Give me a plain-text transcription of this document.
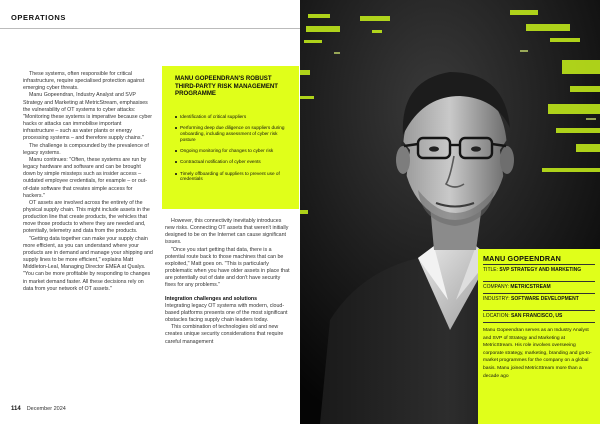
OPERATIONS

These systems, often responsible for critical infrastructure, require specialised protection against emerging cyber threats.

Manu Gopeendran, Industry Analyst and SVP Strategy and Marketing at MetricStream, emphasises the vulnerability of OT systems to cyber attacks: "Monitoring these systems is imperative because cyber hacks or attacks can immobilise important infrastructure – such as water plants or energy processing systems – and therefore supply chains."

The challenge is compounded by the prevalence of legacy systems.

Manu continues: "Often, these systems are run by legacy hardware and software and can be brought down by simple missteps such as insider access – outdated employee credentials, for example – or out-of-date software that creates simple access for hackers."

OT assets are involved across the entirety of the physical supply chain. This might include assets in the production line that create products, the vehicles that move those products to where they are needed and, potentially, telemetry and data from the products.

"Getting data together can make your supply chain more efficient, as you can understand where your products are in demand and manage your shipping and supply lines to be more efficient," explains Matt Middleton-Leal, Managing Director EMEA at Qualys. "You can be more profitable by responding to changes in market demand faster. All these decisions rely on data from your network of OT assets."

MANU GOPEENDRAN'S ROBUST THIRD-PARTY RISK MANAGEMENT PROGRAMME
Identification of critical suppliers
Performing deep due diligence on suppliers during onboarding, including assessment of cyber risk posture
Ongoing monitoring for changes to cyber risk
Contractual notification of cyber events
Timely offboarding of suppliers to prevent use of credentials

However, this connectivity inevitably introduces new risks. Connecting OT assets that weren't initially designed to be on the Internet can cause significant issues.

"Once you start getting that data, there is a potential route back to those machines that can be exploited," Matt goes on. "This is particularly problematic when you have older assets in place that are potentially out of date and don't have security fixes for any problems."

Integration challenges and solutions

Integrating legacy OT systems with modern, cloud-based platforms presents one of the most significant obstacles facing supply chain leaders today.

This combination of technologies old and new creates unique security considerations that require careful management

MANU GOPEENDRAN
TITLE: SVP STRATEGY AND MARKETING
COMPANY: METRICSTREAM
INDUSTRY: SOFTWARE DEVELOPMENT
LOCATION: SAN FRANCISCO, US
Manu Gopeendran serves as an Industry Analyst and SVP of Strategy and Marketing at MetricStream. His role involves overseeing corporate strategy, marketing, branding and go-to-market programmes for the company on a global basis. Manu joined MetricStream more than a decade ago
114 December 2024
